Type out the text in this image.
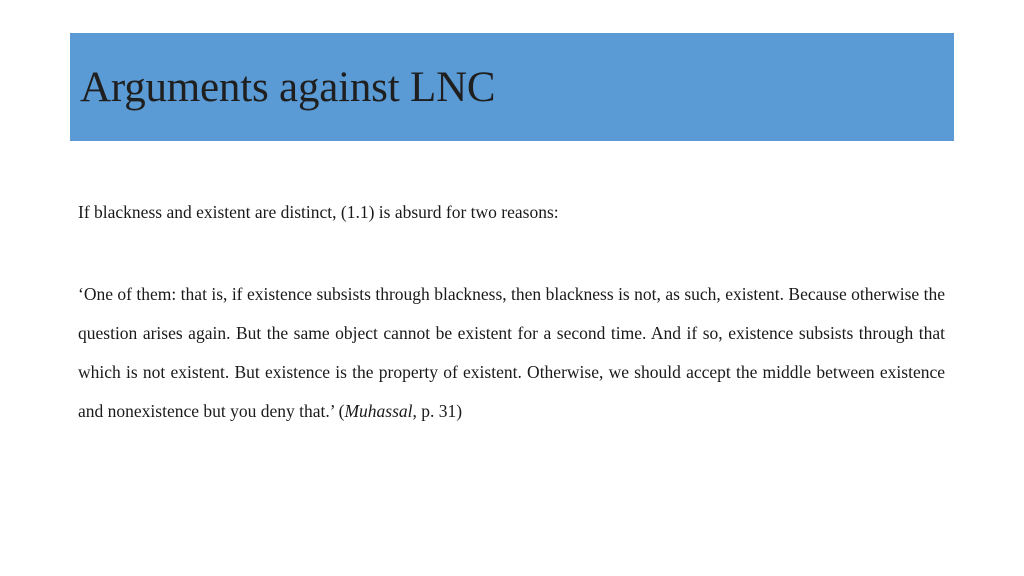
Arguments against LNC

If blackness and existent are distinct, (1.1) is absurd for two reasons:

‘One of them: that is, if existence subsists through blackness, then blackness is not, as such, existent. Because otherwise the question arises again. But the same object cannot be existent for a second time. And if so, existence subsists through that which is not existent. But existence is the property of existent. Otherwise, we should accept the middle between existence and nonexistence but you deny that.’ (Muhassal, p. 31)
